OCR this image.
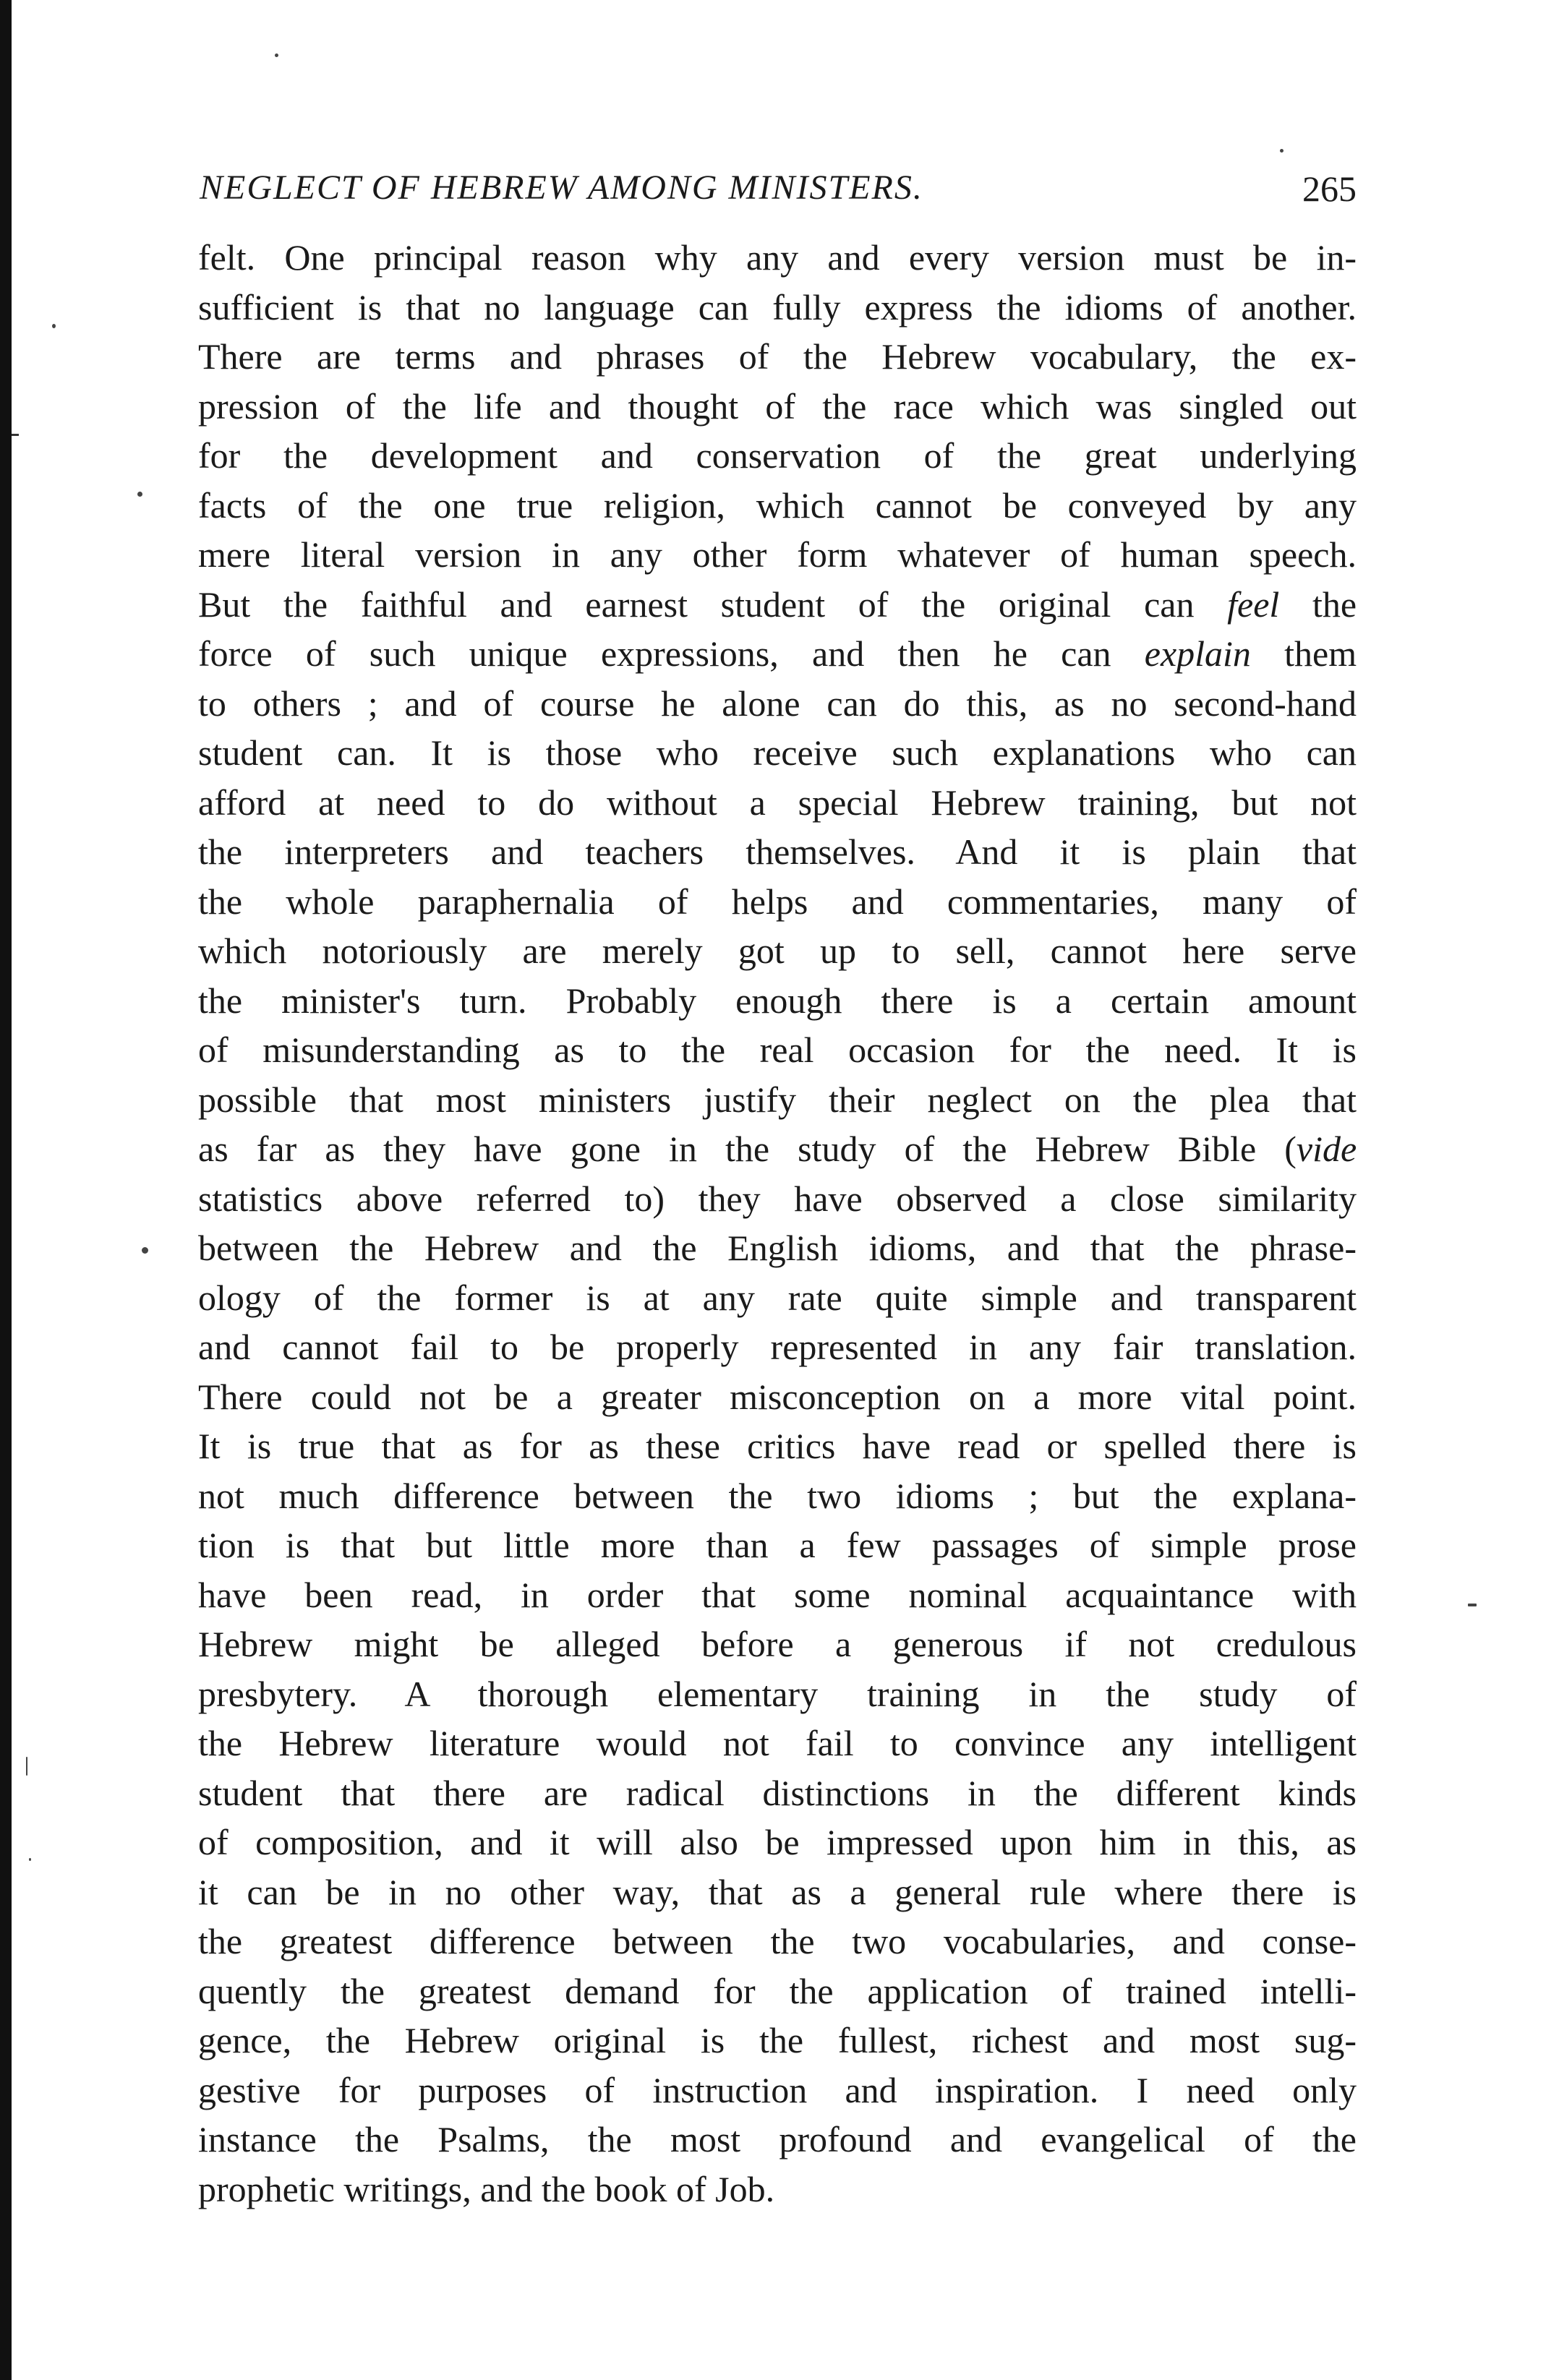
NEGLECT OF HEBREW AMONG MINISTERS.	265
felt. One principal reason why any and every version must be in-
sufficient is that no language can fully express the idioms of another.
There are terms and phrases of the Hebrew vocabulary, the ex-
pression of the life and thought of the race which was singled out
for the development and conservation of the great underlying
facts of the one true religion, which cannot be conveyed by any
mere literal version in any other form whatever of human speech.
But the faithful and earnest student of the original can feel the
force of such unique expressions, and then he can explain them
to others ; and of course he alone can do this, as no second-hand
student can. It is those who receive such explanations who can
afford at need to do without a special Hebrew training, but not
the interpreters and teachers themselves. And it is plain that
the whole paraphernalia of helps and commentaries, many of
which notoriously are merely got up to sell, cannot here serve
the minister's turn. Probably enough there is a certain amount
of misunderstanding as to the real occasion for the need. It is
possible that most ministers justify their neglect on the plea that
as far as they have gone in the study of the Hebrew Bible (vide
statistics above referred to) they have observed a close similarity
between the Hebrew and the English idioms, and that the phrase-
ology of the former is at any rate quite simple and transparent
and cannot fail to be properly represented in any fair translation.
There could not be a greater misconception on a more vital point.
It is true that as for as these critics have read or spelled there is
not much difference between the two idioms ; but the explana-
tion is that but little more than a few passages of simple prose
have been read, in order that some nominal acquaintance with
Hebrew might be alleged before a generous if not credulous
presbytery. A thorough elementary training in the study of
the Hebrew literature would not fail to convince any intelligent
student that there are radical distinctions in the different kinds
of composition, and it will also be impressed upon him in this, as
it can be in no other way, that as a general rule where there is
the greatest difference between the two vocabularies, and conse-
quently the greatest demand for the application of trained intelli-
gence, the Hebrew original is the fullest, richest and most sug-
gestive for purposes of instruction and inspiration. I need only
instance the Psalms, the most profound and evangelical of the
prophetic writings, and the book of Job.
